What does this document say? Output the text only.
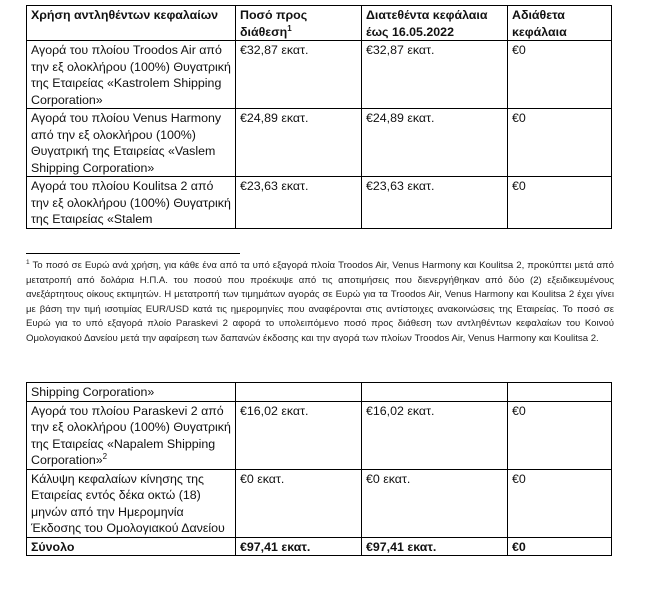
Χρήση αντληθέντων κεφαλαίων	Ποσό προς διάθεση$^1$	Διατεθέντα κεφάλαια έως 16.05.2022	Αδιάθετα κεφάλαια
Αγορά του πλοίου Troodos Air από την εξ ολοκλήρου (100%) Θυγατρική της Εταιρείας «Kastrolem Shipping Corporation»	€32,87 εκατ.	€32,87 εκατ.	€0
Αγορά του πλοίου Venus Harmony από την εξ ολοκλήρου (100%) Θυγατρική της Εταιρείας «Vaslem Shipping Corporation»	€24,89 εκατ.	€24,89 εκατ.	€0
Αγορά του πλοίου Koulitsa 2 από την εξ ολοκλήρου (100%) Θυγατρική της Εταιρείας «Stalem	€23,63 εκατ.	€23,63 εκατ.	€0
$^1$ Το ποσό σε Ευρώ ανά χρήση, για κάθε ένα από τα υπό εξαγορά πλοία Troodos Air, Venus Harmony και Koulitsa 2, προκύπτει μετά από μετατροπή από δολάρια Η.Π.Α. του ποσού που προέκυψε από τις αποτιμήσεις που διενεργήθηκαν από δύο (2) εξειδικευμένους ανεξάρτητους οίκους εκτιμητών. Η μετατροπή των τιμημάτων αγοράς σε Ευρώ για τα Troodos Air, Venus Harmony και Koulitsa 2 έχει γίνει με βάση την τιμή ισοτιμίας EUR/USD κατά τις ημερομηνίες που αναφέρονται στις αντίστοιχες ανακοινώσεις της Εταιρείας. Το ποσό σε Ευρώ για το υπό εξαγορά πλοίο Paraskevi 2 αφορά το υπολειπόμενο ποσό προς διάθεση των αντληθέντων κεφαλαίων του Κοινού Ομολογιακού Δανείου μετά την αφαίρεση των δαπανών έκδοσης και την αγορά των πλοίων Troodos Air, Venus Harmony και Koulitsa 2.
Shipping Corporation»			
Αγορά του πλοίου Paraskevi 2 από την εξ ολοκλήρου (100%) Θυγατρική της Εταιρείας «Napalem Shipping Corporation»$^2$	€16,02 εκατ.	€16,02 εκατ.	€0
Κάλυψη κεφαλαίων κίνησης της Εταιρείας εντός δέκα οκτώ (18) μηνών από την Ημερομηνία Έκδοσης του Ομολογιακού Δανείου	€0 εκατ.	€0 εκατ.	€0
Σύνολο	€97,41 εκατ.	€97,41 εκατ.	€0
